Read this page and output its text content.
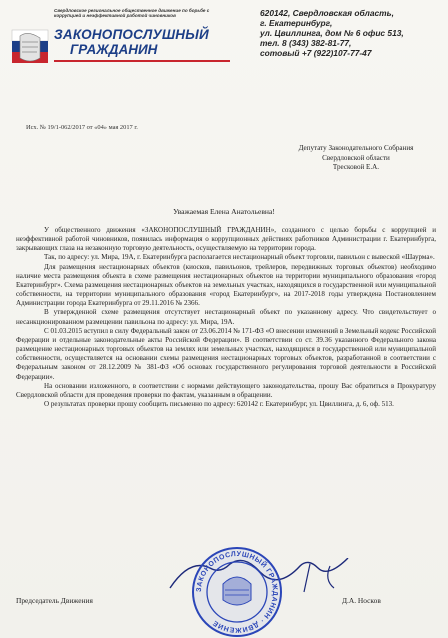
Свердловское региональное общественное движение по борьбе с коррупцией и неэффективной работой чиновников
ЗАКОНОПОСЛУШНЫЙ
ГРАЖДАНИН
620142, Свердловская область,
г. Екатеринбург,
ул. Цвиллинга, дом № 6 офис 513,
тел. 8 (343) 382-81-77,
сотовый +7 (922)107-77-47
Исх. № 19/1-062/2017 от «04» мая 2017 г.
Депутату Законодательного Собрания
Свердловской области
Тресковой Е.А.
Уважаемая Елена Анатольевна!

У общественного движения «ЗАКОНОПОСЛУШНЫЙ ГРАЖДАНИН», созданного с целью борьбы с коррупцией и неэффективной работой чиновников, появилась информация о коррупционных действиях работников Администрации г. Екатеринбурга, закрывающих глаза на незаконную торговую деятельность, осуществляемую на территории города.

Так, по адресу: ул. Мира, 19А, г. Екатеринбурга располагается нестационарный объект торговли, павильон с вывеской «Шаурма».

Для размещения нестационарных объектов (киосков, павильонов, трейлеров, передвижных торговых объектов) необходимо наличие места размещения объекта в схеме размещения нестационарных объектов на территории муниципального образования «город Екатеринбург». Схема размещения нестационарных объектов на земельных участках, находящихся в государственной или муниципальной собственности, на территории муниципального образования «город Екатеринбург», на 2017-2018 годы утверждена Постановлением Администрации города Екатеринбурга от 29.11.2016 № 2366.

В утвержденной схеме размещения отсутствует нестационарный объект по указанному адресу. Что свидетельствует о несанкционированном размещении павильона по адресу: ул. Мира, 19А.

С 01.03.2015 вступил в силу Федеральный закон от 23.06.2014 № 171-ФЗ «О внесении изменений в Земельный кодекс Российской Федерации и отдельные законодательные акты Российской Федерации». В соответствии со ст. 39.36 указанного Федерального закона размещение нестационарных торговых объектов на землях или земельных участках, находящихся в государственной или муниципальной собственности, осуществляется на основании схемы размещения нестационарных торговых объектов, разработанной в соответствии с Федеральным законом от 28.12.2009 № 381-ФЗ «Об основах государственного регулирования торговой деятельности в Российской Федерации».

На основании изложенного, в соответствии с нормами действующего законодательства, прошу Вас обратиться в Прокуратуру Свердловской области для проведения проверки по фактам, указанным в обращении.

О результатах проверки прошу сообщить письменно по адресу: 620142 г. Екатеринбург, ул. Цвиллинга, д. 6, оф. 513.

ЗАКОНОПОСЛУШНЫЙ ГРАЖДАНИН · ДВИЖЕНИЕ
Председатель Движения	Д.А. Носков
